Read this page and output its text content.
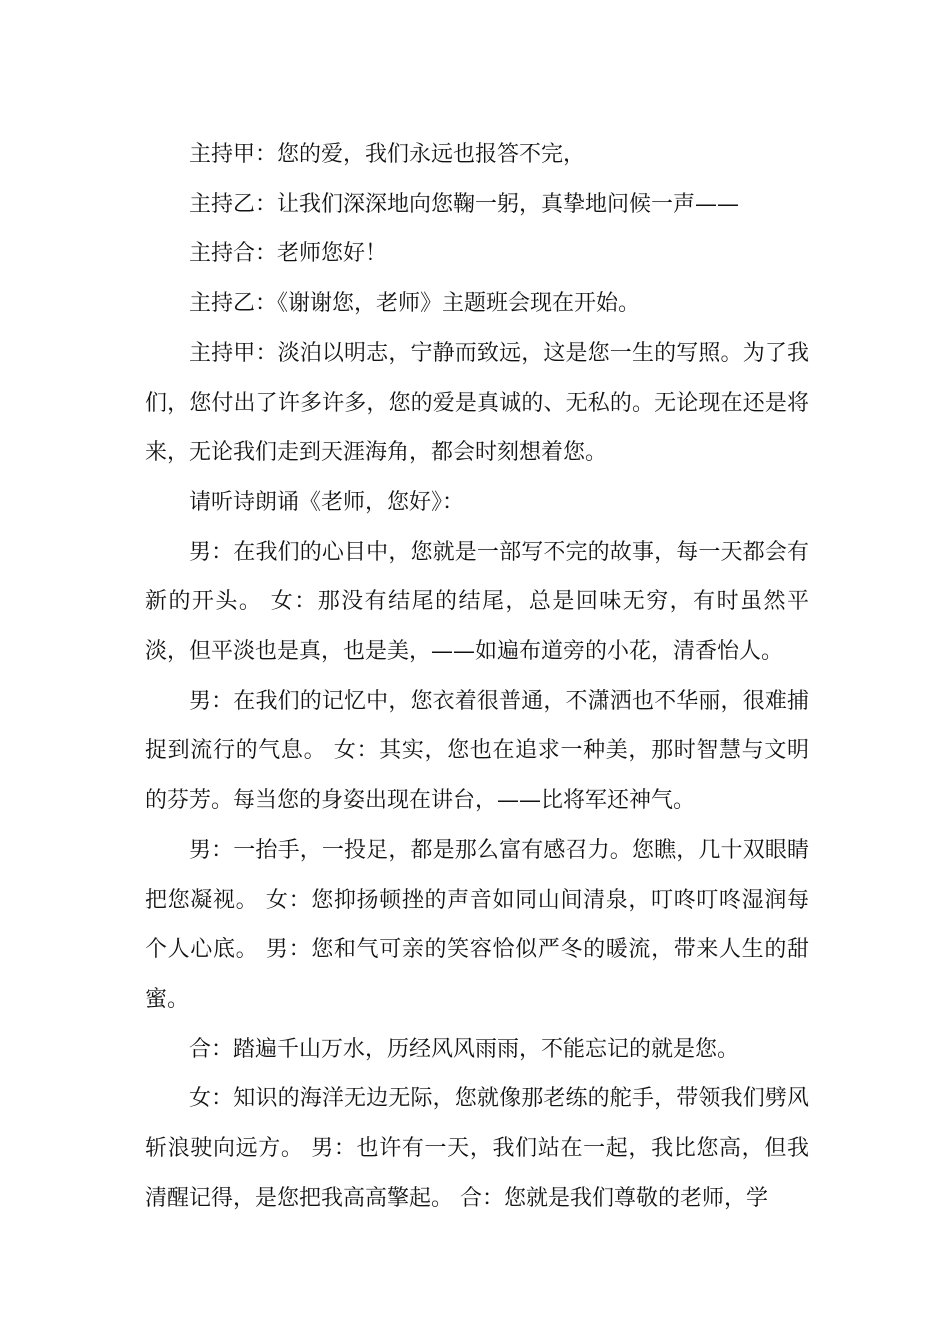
主持甲：您的爱，我们永远也报答不完，

主持乙：让我们深深地向您鞠一躬，真挚地问候一声——

主持合：老师您好！

主持乙：《谢谢您，老师》主题班会现在开始。

主持甲：淡泊以明志，宁静而致远，这是您一生的写照。为了我们，您付出了许多许多，您的爱是真诚的、无私的。无论现在还是将来，无论我们走到天涯海角，都会时刻想着您。

请听诗朗诵《老师，您好》：

男：在我们的心目中，您就是一部写不完的故事，每一天都会有新的开头。 女：那没有结尾的结尾，总是回味无穷，有时虽然平淡，但平淡也是真，也是美，——如遍布道旁的小花，清香怡人。

男：在我们的记忆中，您衣着很普通，不潇洒也不华丽，很难捕捉到流行的气息。 女：其实，您也在追求一种美，那时智慧与文明的芬芳。每当您的身姿出现在讲台，——比将军还神气。

男：一抬手，一投足，都是那么富有感召力。您瞧，几十双眼睛把您凝视。 女：您抑扬顿挫的声音如同山间清泉，叮咚叮咚湿润每个人心底。 男：您和气可亲的笑容恰似严冬的暖流，带来人生的甜蜜。

合：踏遍千山万水，历经风风雨雨，不能忘记的就是您。

女：知识的海洋无边无际，您就像那老练的舵手，带领我们劈风斩浪驶向远方。 男：也许有一天，我们站在一起，我比您高，但我清醒记得，是您把我高高擎起。 合：您就是我们尊敬的老师，学
